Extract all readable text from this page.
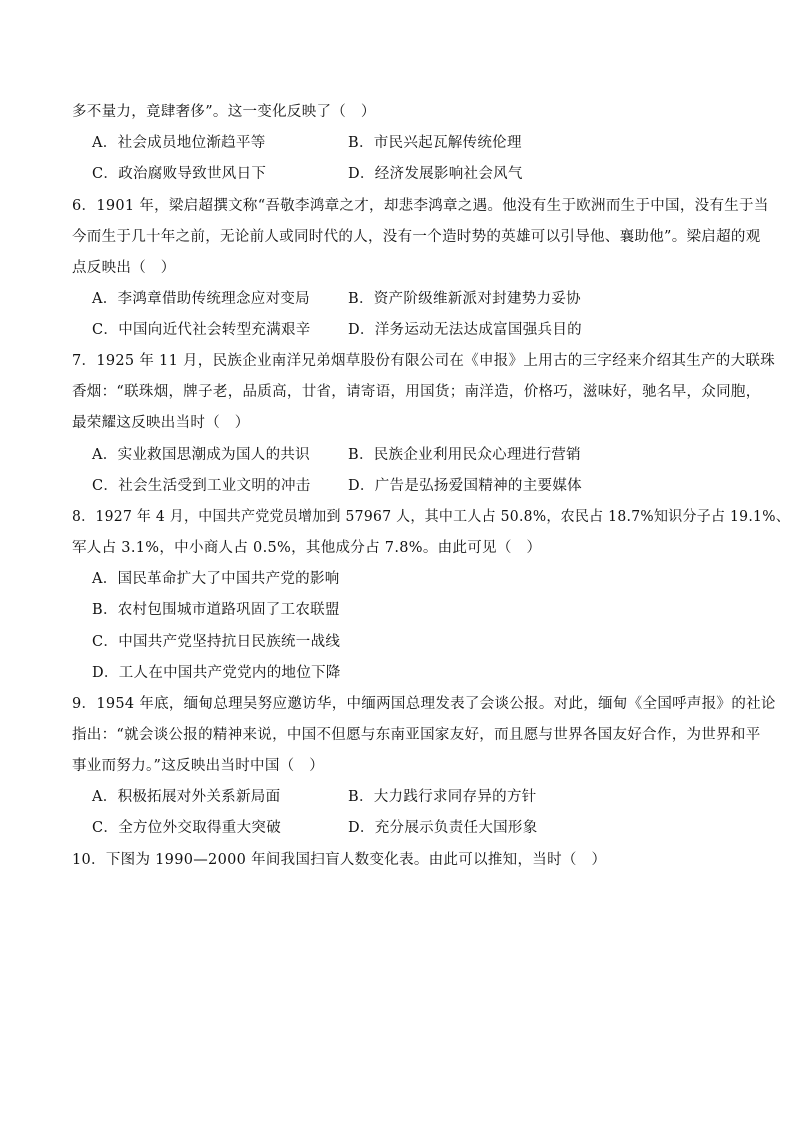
多不量力，竟肆奢侈”。这一变化反映了（　）
A．社会成员地位渐趋平等	B．市民兴起瓦解传统伦理
C．政治腐败导致世风日下	D．经济发展影响社会风气
6．1901 年，梁启超撰文称“吾敬李鸿章之才，却悲李鸿章之遇。他没有生于欧洲而生于中国，没有生于当
今而生于几十年之前，无论前人或同时代的人，没有一个造时势的英雄可以引导他、襄助他”。梁启超的观
点反映出（　）
A．李鸿章借助传统理念应对变局	B．资产阶级维新派对封建势力妥协
C．中国向近代社会转型充满艰辛	D．洋务运动无法达成富国强兵目的
7．1925 年 11 月，民族企业南洋兄弟烟草股份有限公司在《申报》上用古的三字经来介绍其生产的大联珠
香烟：“联珠烟，牌子老，品质高，廿省，请寄语，用国货；南洋造，价格巧，滋味好，驰名早，众同胞，
最荣耀这反映出当时（　）
A．实业救国思潮成为国人的共识	B．民族企业利用民众心理进行营销
C．社会生活受到工业文明的冲击	D．广告是弘扬爱国精神的主要媒体
8．1927 年 4 月，中国共产党党员增加到 57967 人，其中工人占 50.8%，农民占 18.7%知识分子占 19.1%、
军人占 3.1%，中小商人占 0.5%，其他成分占 7.8%。由此可见（　）
A．国民革命扩大了中国共产党的影响
B．农村包围城市道路巩固了工农联盟
C．中国共产党坚持抗日民族统一战线
D．工人在中国共产党党内的地位下降
9．1954 年底，缅甸总理吴努应邀访华，中缅两国总理发表了会谈公报。对此，缅甸《全国呼声报》的社论
指出：“就会谈公报的精神来说，中国不但愿与东南亚国家友好，而且愿与世界各国友好合作，为世界和平
事业而努力。”这反映出当时中国（　）
A．积极拓展对外关系新局面	B．大力践行求同存异的方针
C．全方位外交取得重大突破	D．充分展示负责任大国形象
10．下图为 1990—2000 年间我国扫盲人数变化表。由此可以推知，当时（　）
